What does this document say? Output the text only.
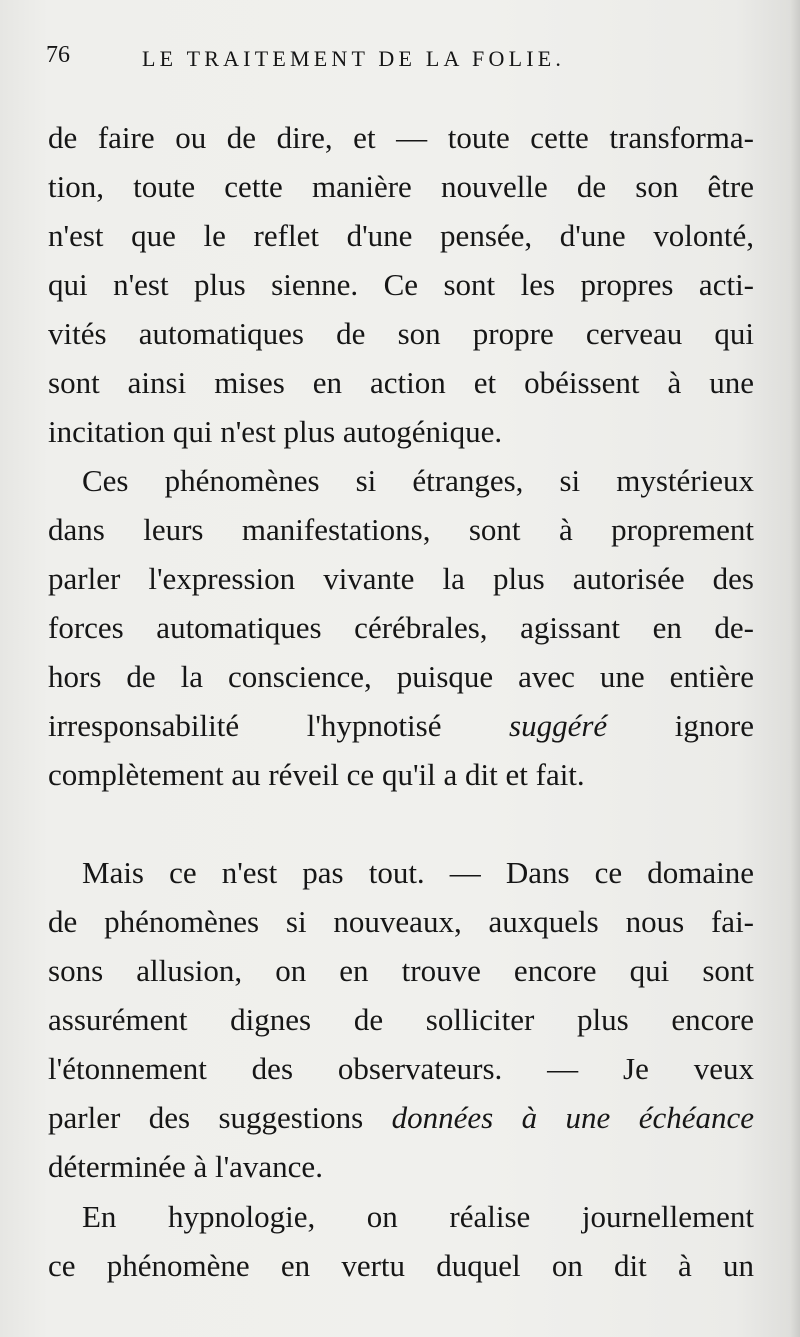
76	LE TRAITEMENT DE LA FOLIE.
de faire ou de dire, et — toute cette transforma-
tion, toute cette manière nouvelle de son être
n'est que le reflet d'une pensée, d'une volonté,
qui n'est plus sienne. Ce sont les propres acti-
vités automatiques de son propre cerveau qui
sont ainsi mises en action et obéissent à une
incitation qui n'est plus autogénique.
Ces phénomènes si étranges, si mystérieux
dans leurs manifestations, sont à proprement
parler l'expression vivante la plus autorisée des
forces automatiques cérébrales, agissant en de-
hors de la conscience, puisque avec une entière
irresponsabilité l'hypnotisé suggéré ignore
complètement au réveil ce qu'il a dit et fait.
Mais ce n'est pas tout. — Dans ce domaine
de phénomènes si nouveaux, auxquels nous fai-
sons allusion, on en trouve encore qui sont
assurément dignes de solliciter plus encore
l'étonnement des observateurs. — Je veux
parler des suggestions données à une échéance
déterminée à l'avance.
En hypnologie, on réalise journellement
ce phénomène en vertu duquel on dit à un
